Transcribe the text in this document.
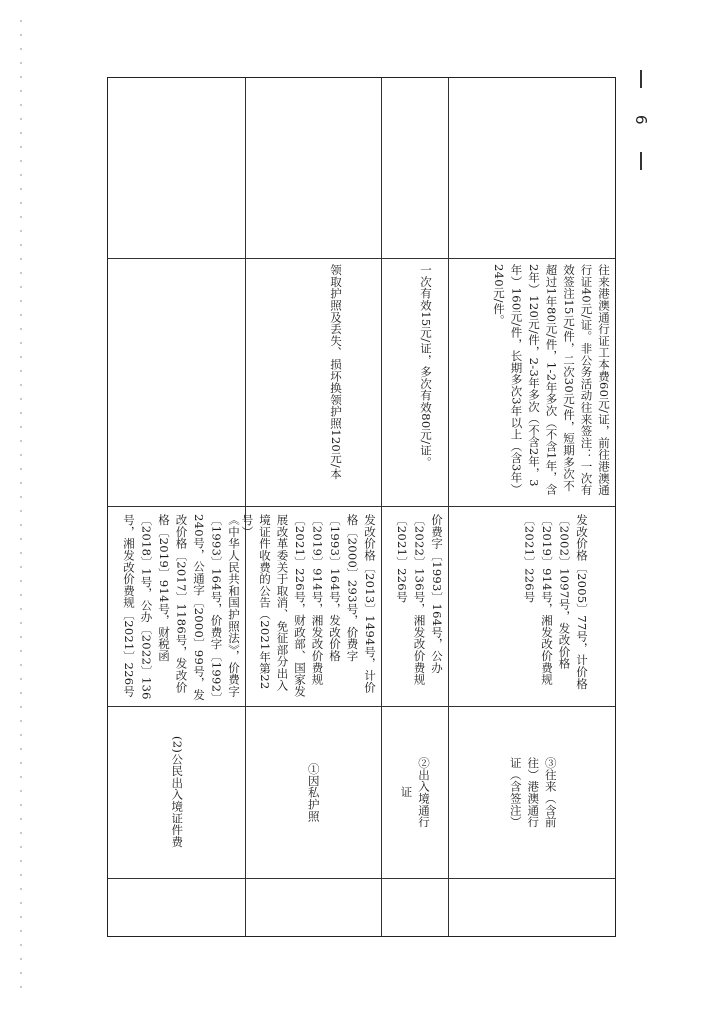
6
(2)公民出入境证件费
《中华人民共和国护照法》，价费字〔1993〕164号，价费字〔1992〕240号，公通字〔2000〕99号，发改价格〔2017〕1186号，发改价格〔2019〕914号，财税函〔2018〕1号，公办〔2022〕136号，湘发改价费规〔2021〕226号
①因私护照
发改价格〔2013〕1494号，计价格〔2000〕293号，价费字〔1993〕164号，发改价格〔2019〕914号，湘发改价费规〔2021〕226号，财政部、国家发展改革委关于取消、免征部分出入境证件收费的公告（2021年第22号）
领取护照及丢失、损坏换领护照120元/本
②出入境通行证
价费字〔1993〕164号，公办〔2022〕136号，湘发改价费规〔2021〕226号
一次有效15元/证，多次有效80元/证。
③往来（含前往）港澳通行证（含签注）
发改价格〔2005〕77号，计价格〔2002〕1097号，发改价格〔2019〕914号，湘发改价费规〔2021〕226号
往来港澳通行证工本费60元/证，前往港澳通行证40元/证。非公务活动往来签注：一次有效签注15元/件，二次30元/件，短期多次不超过1年80元/件，1-2年多次（不含1年，含2年）120元/件，2-3年多次（不含2年，3年）160元/件，长期多次3年以上（含3年）240元/件。
